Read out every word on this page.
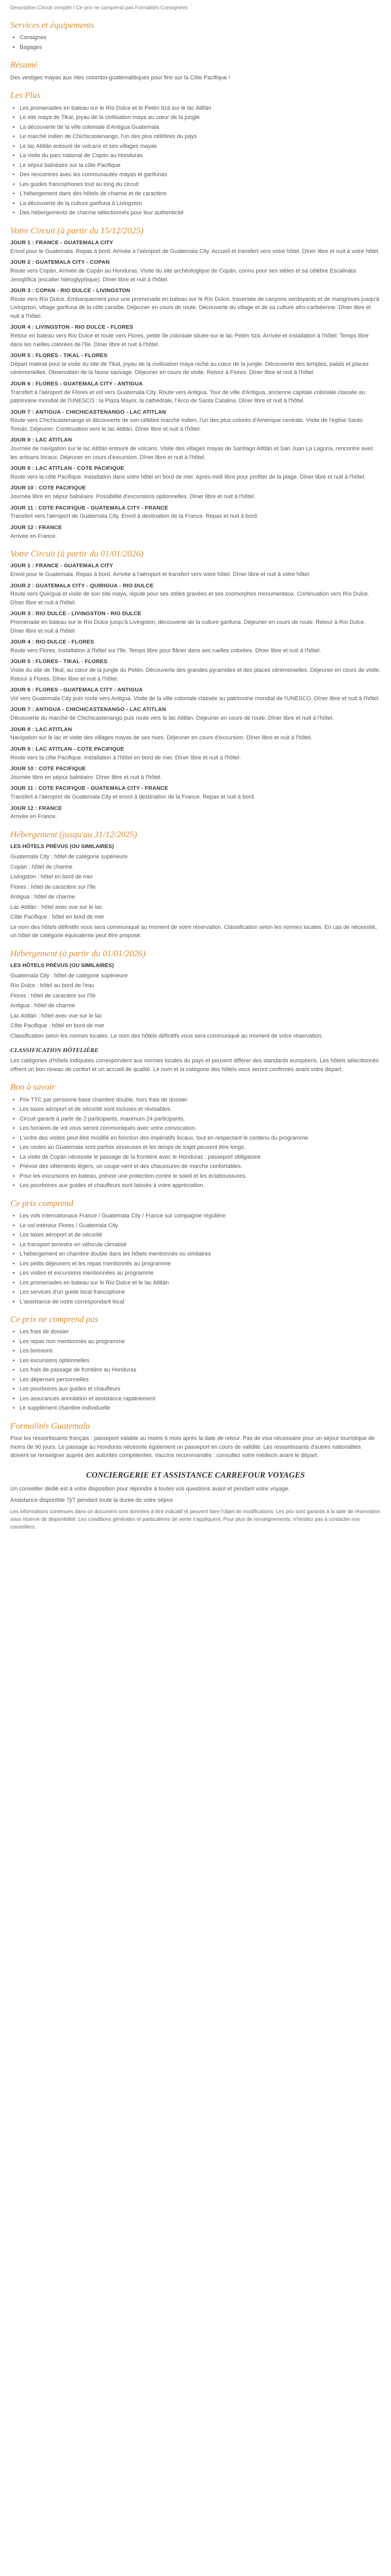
Description Circuit complet / Ce prix ne comprend pas Formalités Consignées
Services et équipements
• Consignes
• Bagages
Résumé

Des vestiges mayas aux rites colombo-guatémaltèques pour finir sur la Côte Pacifique !

Les Plus
• Les promenades en bateau sur le Río Dulce et le Petén Itzá sur le lac Atitlán
• Le site maya de Tikal, joyau de la civilisation maya au cœur de la jungle
• La découverte de la ville coloniale d'Antigua Guatemala
• Le marché indien de Chichicastenango, l'un des plus célèbres du pays
• Le lac Atitlán entouré de volcans et ses villages mayas
• La visite du parc national de Copán au Honduras
• Le séjour balnéaire sur la côte Pacifique
• Des rencontres avec les communautés mayas et garifunas
• Les guides francophones tout au long du circuit
• L'hébergement dans des hôtels de charme et de caractère
• La découverte de la culture garifuna à Livingston
• Des hébergements de charme sélectionnés pour leur authenticité
Votre Circuit (à partir du 15/12/2025)
JOUR 1 : FRANCE - GUATEMALA CITY
Envol pour le Guatemala. Repas à bord. Arrivée à l'aéroport de Guatemala City. Accueil et transfert vers votre hôtel. Dîner libre et nuit à votre hôtel.
JOUR 2 : GUATEMALA CITY - COPAN
Route vers Copán, Arrivée de Copán au Honduras. Visite du site archéologique de Copán, connu pour ses stèles et sa célèbre Escalinata Jeroglífica (escalier hiéroglyphique). Dîner libre et nuit à l'hôtel.
JOUR 3 : COPAN - RIO DULCE - LIVINGSTON
Route vers Río Dulce. Embarquement pour une promenade en bateau sur le Río Dulce, traversée de canyons verdoyants et de mangroves jusqu'à Livingston, village garifuna de la côte caraïbe. Déjeuner en cours de route. Découverte du village et de sa culture afro-caribéenne. Dîner libre et nuit à l'hôtel.
JOUR 4 : LIVINGSTON - RIO DULCE - FLORES
Retour en bateau vers Río Dulce et route vers Flores, petite île coloniale située sur le lac Petén Itzá. Arrivée et installation à l'hôtel. Temps libre dans les ruelles colorées de l'île. Dîner libre et nuit à l'hôtel.
JOUR 5 : FLORES - TIKAL - FLORES
Départ matinal pour la visite du site de Tikal, joyau de la civilisation maya niché au cœur de la jungle. Découverte des temples, palais et places cérémonielles. Observation de la faune sauvage. Déjeuner en cours de visite. Retour à Flores. Dîner libre et nuit à l'hôtel.
JOUR 6 : FLORES - GUATEMALA CITY - ANTIGUA
Transfert à l'aéroport de Flores et vol vers Guatemala City. Route vers Antigua. Tour de ville d'Antigua, ancienne capitale coloniale classée au patrimoine mondial de l'UNESCO : la Plaza Mayor, la cathédrale, l'Arco de Santa Catalina. Dîner libre et nuit à l'hôtel.
JOUR 7 : ANTIGUA - CHICHICASTENANGO - LAC ATITLAN
Route vers Chichicastenango et découverte de son célèbre marché indien, l'un des plus colorés d'Amérique centrale. Visite de l'église Santo Tomás. Déjeuner. Continuation vers le lac Atitlán. Dîner libre et nuit à l'hôtel.
JOUR 8 : LAC ATITLAN
Journée de navigation sur le lac Atitlán entouré de volcans. Visite des villages mayas de Santiago Atitlán et San Juan La Laguna, rencontre avec les artisans locaux. Déjeuner en cours d'excursion. Dîner libre et nuit à l'hôtel.
JOUR 9 : LAC ATITLAN - COTE PACIFIQUE
Route vers la côte Pacifique. Installation dans votre hôtel en bord de mer. Après-midi libre pour profiter de la plage. Dîner libre et nuit à l'hôtel.
JOUR 10 : COTE PACIFIQUE
Journée libre en séjour balnéaire. Possibilité d'excursions optionnelles. Dîner libre et nuit à l'hôtel.
JOUR 11 : COTE PACIFIQUE - GUATEMALA CITY - FRANCE
Transfert vers l'aéroport de Guatemala City. Envol à destination de la France. Repas et nuit à bord.
JOUR 12 : FRANCE
Arrivée en France.
Votre Circuit (à partir du 01/01/2026)
JOUR 1 : FRANCE - GUATEMALA CITY
Envol pour le Guatemala. Repas à bord. Arrivée à l'aéroport et transfert vers votre hôtel. Dîner libre et nuit à votre hôtel.
JOUR 2 : GUATEMALA CITY - QUIRIGUA - RIO DULCE
Route vers Quiriguá et visite de son site maya, réputé pour ses stèles gravées et ses zoomorphes monumentaux. Continuation vers Río Dulce. Dîner libre et nuit à l'hôtel.
JOUR 3 : RIO DULCE - LIVINGSTON - RIO DULCE
Promenade en bateau sur le Río Dulce jusqu'à Livingston, découverte de la culture garifuna. Déjeuner en cours de route. Retour à Río Dulce. Dîner libre et nuit à l'hôtel.
JOUR 4 : RIO DULCE - FLORES
Route vers Flores. Installation à l'hôtel sur l'île. Temps libre pour flâner dans ses ruelles colorées. Dîner libre et nuit à l'hôtel.
JOUR 5 : FLORES - TIKAL - FLORES
Visite du site de Tikal, au cœur de la jungle du Petén. Découverte des grandes pyramides et des places cérémonielles. Déjeuner en cours de visite. Retour à Flores. Dîner libre et nuit à l'hôtel.
JOUR 6 : FLORES - GUATEMALA CITY - ANTIGUA
Vol vers Guatemala City puis route vers Antigua. Visite de la ville coloniale classée au patrimoine mondial de l'UNESCO. Dîner libre et nuit à l'hôtel.
JOUR 7 : ANTIGUA - CHICHICASTENANGO - LAC ATITLAN
Découverte du marché de Chichicastenango puis route vers le lac Atitlán. Déjeuner en cours de route. Dîner libre et nuit à l'hôtel.
JOUR 8 : LAC ATITLAN
Navigation sur le lac et visite des villages mayas de ses rives. Déjeuner en cours d'excursion. Dîner libre et nuit à l'hôtel.
JOUR 9 : LAC ATITLAN - COTE PACIFIQUE
Route vers la côte Pacifique. Installation à l'hôtel en bord de mer. Dîner libre et nuit à l'hôtel.
JOUR 10 : COTE PACIFIQUE
Journée libre en séjour balnéaire. Dîner libre et nuit à l'hôtel.
JOUR 11 : COTE PACIFIQUE - GUATEMALA CITY - FRANCE
Transfert à l'aéroport de Guatemala City et envol à destination de la France. Repas et nuit à bord.
JOUR 12 : FRANCE
Arrivée en France.
Hébergement (jusqu'au 31/12/2025)

LES HÔTELS PRÉVUS (OU SIMILAIRES)

Guatemala City : hôtel de catégorie supérieure

Copán : hôtel de charme

Livingston : hôtel en bord de mer

Flores : hôtel de caractère sur l'île

Antigua : hôtel de charme

Lac Atitlán : hôtel avec vue sur le lac

Côte Pacifique : hôtel en bord de mer

Le nom des hôtels définitifs vous sera communiqué au moment de votre réservation. Classification selon les normes locales. En cas de nécessité, un hôtel de catégorie équivalente peut être proposé.

Hébergement (à partir du 01/01/2026)

LES HÔTELS PRÉVUS (OU SIMILAIRES)

Guatemala City : hôtel de catégorie supérieure

Río Dulce : hôtel au bord de l'eau

Flores : hôtel de caractère sur l'île

Antigua : hôtel de charme

Lac Atitlán : hôtel avec vue sur le lac

Côte Pacifique : hôtel en bord de mer

Classification selon les normes locales. Le nom des hôtels définitifs vous sera communiqué au moment de votre réservation.

CLASSIFICATION HÔTELIÈRE

Les catégories d'hôtels indiquées correspondent aux normes locales du pays et peuvent différer des standards européens. Les hôtels sélectionnés offrent un bon niveau de confort et un accueil de qualité. Le nom et la catégorie des hôtels vous seront confirmés avant votre départ.

Bon à savoir
• Prix TTC par personne base chambre double, hors frais de dossier.
• Les taxes aéroport et de sécurité sont incluses et révisables.
• Circuit garanti à partir de 2 participants, maximum 24 participants.
• Les horaires de vol vous seront communiqués avec votre convocation.
• L'ordre des visites peut être modifié en fonction des impératifs locaux, tout en respectant le contenu du programme.
• Les routes au Guatemala sont parfois sinueuses et les temps de trajet peuvent être longs.
• La visite de Copán nécessite le passage de la frontière avec le Honduras : passeport obligatoire.
• Prévoir des vêtements légers, un coupe-vent et des chaussures de marche confortables.
• Pour les excursions en bateau, prévoir une protection contre le soleil et les éclaboussures.
• Les pourboires aux guides et chauffeurs sont laissés à votre appréciation.
Ce prix comprend
• Les vols internationaux France / Guatemala City / France sur compagnie régulière
• Le vol intérieur Flores / Guatemala City
• Les taxes aéroport et de sécurité
• Le transport terrestre en véhicule climatisé
• L'hébergement en chambre double dans les hôtels mentionnés ou similaires
• Les petits déjeuners et les repas mentionnés au programme
• Les visites et excursions mentionnées au programme
• Les promenades en bateau sur le Río Dulce et le lac Atitlán
• Les services d'un guide local francophone
• L'assistance de notre correspondant local
Ce prix ne comprend pas
• Les frais de dossier
• Les repas non mentionnés au programme
• Les boissons
• Les excursions optionnelles
• Les frais de passage de frontière au Honduras
• Les dépenses personnelles
• Les pourboires aux guides et chauffeurs
• Les assurances annulation et assistance rapatriement
• Le supplément chambre individuelle
Formalités Guatemala

Pour les ressortissants français : passeport valable au moins 6 mois après la date de retour. Pas de visa nécessaire pour un séjour touristique de moins de 90 jours. Le passage au Honduras nécessite également un passeport en cours de validité. Les ressortissants d'autres nationalités doivent se renseigner auprès des autorités compétentes. Vaccins recommandés : consultez votre médecin avant le départ.

CONCIERGERIE ET ASSISTANCE CARREFOUR VOYAGES

Un conseiller dédié est à votre disposition pour répondre à toutes vos questions avant et pendant votre voyage.

Assistance disponible 7j/7 pendant toute la durée de votre séjour.

Les informations contenues dans ce document sont données à titre indicatif et peuvent faire l'objet de modifications. Les prix sont garantis à la date de réservation sous réserve de disponibilité. Les conditions générales et particulières de vente s'appliquent. Pour plus de renseignements, n'hésitez pas à contacter nos conseillers.
